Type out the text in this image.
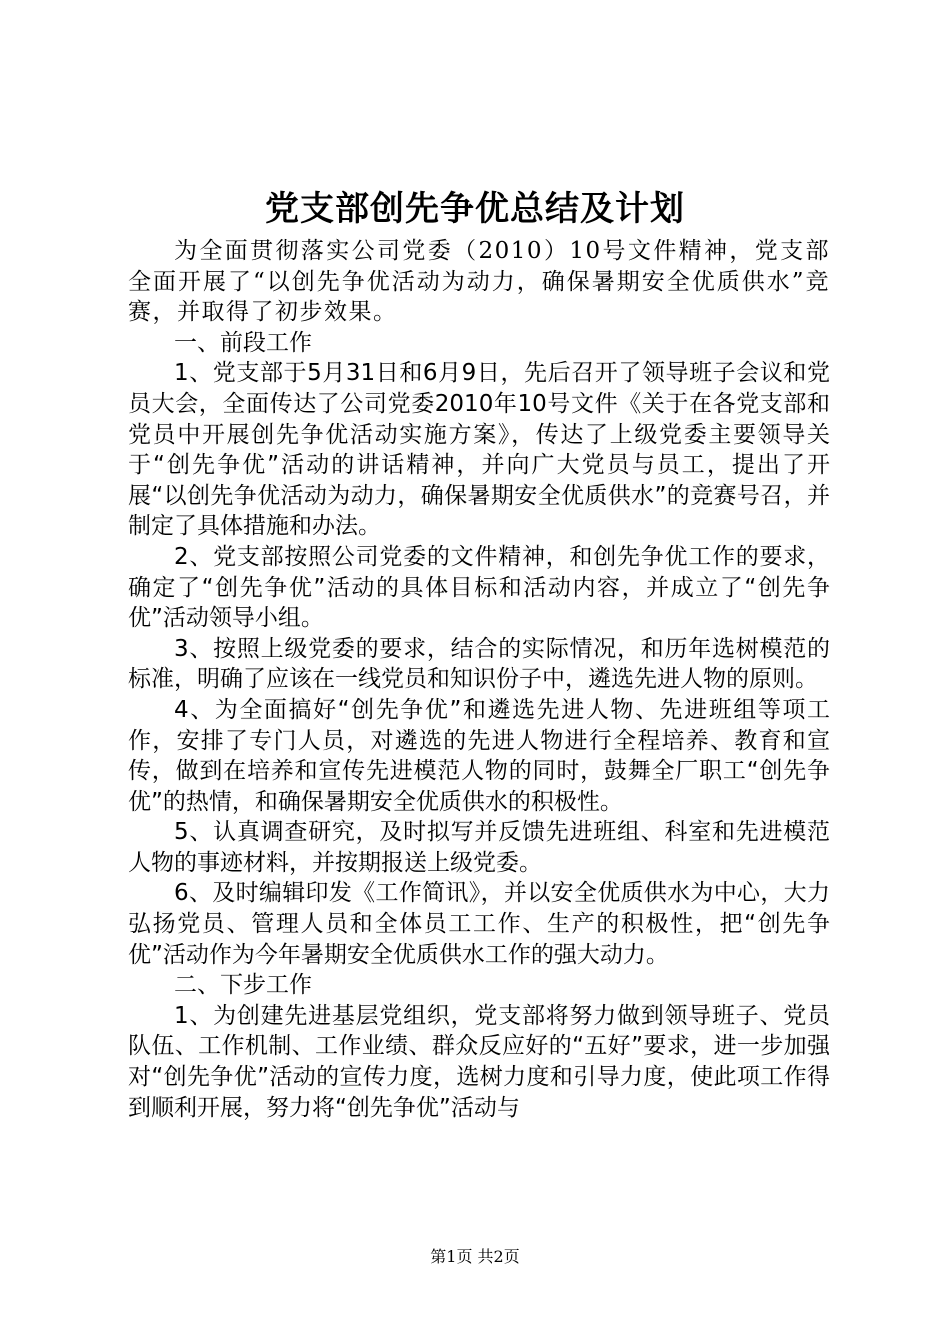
党支部创先争优总结及计划

为全面贯彻落实公司党委（2010）10号文件精神，党支部全面开展了“以创先争优活动为动力，确保暑期安全优质供水”竞赛，并取得了初步效果。

一、前段工作

1、党支部于5月31日和6月9日，先后召开了领导班子会议和党员大会，全面传达了公司党委2010年10号文件《关于在各党支部和党员中开展创先争优活动实施方案》，传达了上级党委主要领导关于“创先争优”活动的讲话精神，并向广大党员与员工，提出了开展“以创先争优活动为动力，确保暑期安全优质供水”的竞赛号召，并制定了具体措施和办法。

2、党支部按照公司党委的文件精神，和创先争优工作的要求，确定了“创先争优”活动的具体目标和活动内容，并成立了“创先争优”活动领导小组。

3、按照上级党委的要求，结合的实际情况，和历年选树模范的标准，明确了应该在一线党员和知识份子中，遴选先进人物的原则。

4、为全面搞好“创先争优”和遴选先进人物、先进班组等项工作，安排了专门人员，对遴选的先进人物进行全程培养、教育和宣传，做到在培养和宣传先进模范人物的同时，鼓舞全厂职工“创先争优”的热情，和确保暑期安全优质供水的积极性。

5、认真调查研究，及时拟写并反馈先进班组、科室和先进模范人物的事迹材料，并按期报送上级党委。

6、及时编辑印发《工作简讯》，并以安全优质供水为中心，大力弘扬党员、管理人员和全体员工工作、生产的积极性，把“创先争优”活动作为今年暑期安全优质供水工作的强大动力。

二、下步工作

1、为创建先进基层党组织，党支部将努力做到领导班子、党员队伍、工作机制、工作业绩、群众反应好的“五好”要求，进一步加强对“创先争优”活动的宣传力度，选树力度和引导力度，使此项工作得到顺利开展，努力将“创先争优”活动与

第1页 共2页
